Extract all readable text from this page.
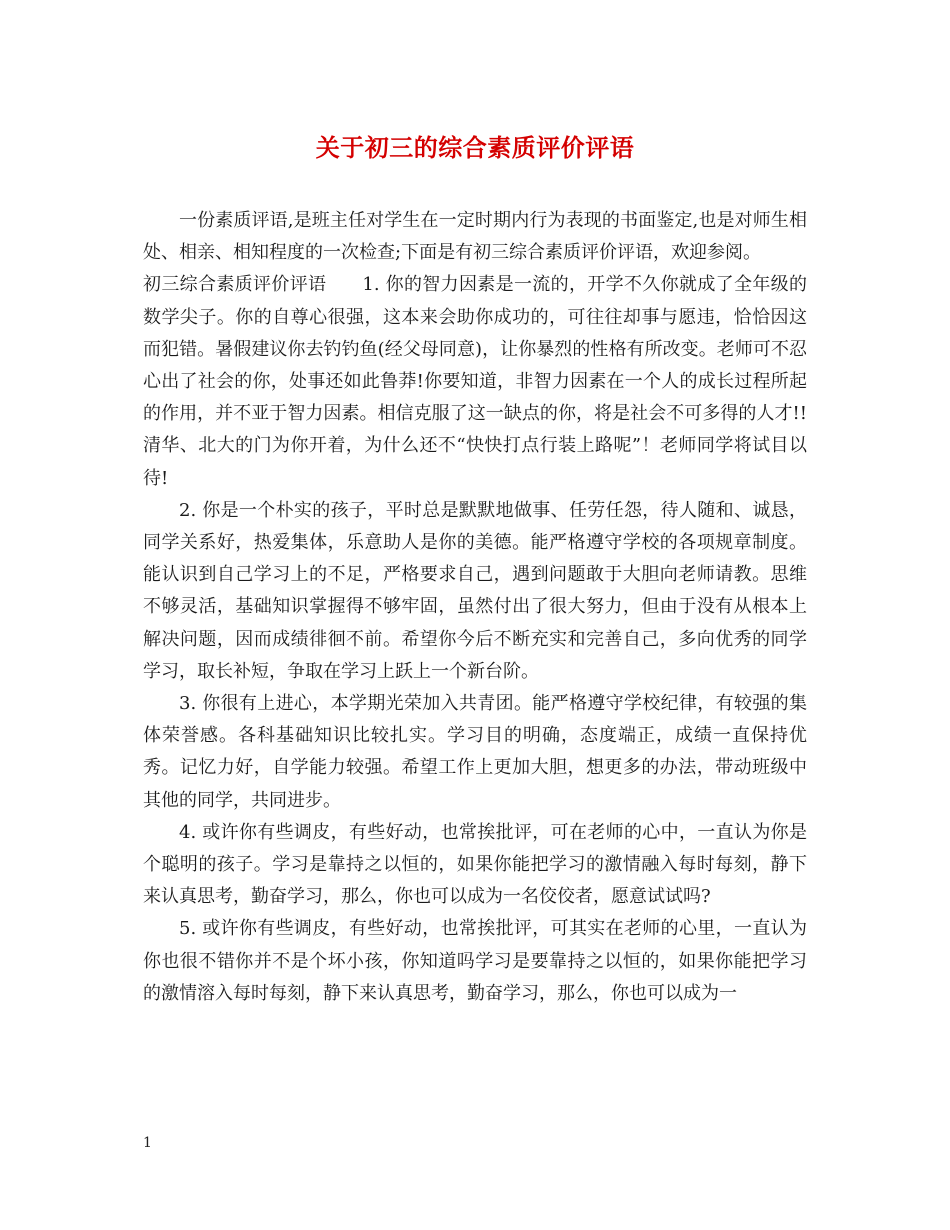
关于初三的综合素质评价评语

一份素质评语,是班主任对学生在一定时期内行为表现的书面鉴定,也是对师生相处、相亲、相知程度的一次检查;下面是有初三综合素质评价评语，欢迎参阅。

初三综合素质评价评语 1. 你的智力因素是一流的，开学不久你就成了全年级的数学尖子。你的自尊心很强，这本来会助你成功的，可往往却事与愿违，恰恰因这而犯错。暑假建议你去钓钓鱼(经父母同意)，让你暴烈的性格有所改变。老师可不忍心出了社会的你，处事还如此鲁莽!你要知道，非智力因素在一个人的成长过程所起的作用，并不亚于智力因素。相信克服了这一缺点的你，将是社会不可多得的人才!!清华、北大的门为你开着，为什么还不“快快打点行装上路呢”！老师同学将试目以待!

2. 你是一个朴实的孩子，平时总是默默地做事、任劳任怨，待人随和、诚恳，同学关系好，热爱集体，乐意助人是你的美德。能严格遵守学校的各项规章制度。能认识到自己学习上的不足，严格要求自己，遇到问题敢于大胆向老师请教。思维不够灵活，基础知识掌握得不够牢固，虽然付出了很大努力，但由于没有从根本上解决问题，因而成绩徘徊不前。希望你今后不断充实和完善自己，多向优秀的同学学习，取长补短，争取在学习上跃上一个新台阶。

3. 你很有上进心，本学期光荣加入共青团。能严格遵守学校纪律，有较强的集体荣誉感。各科基础知识比较扎实。学习目的明确，态度端正，成绩一直保持优秀。记忆力好，自学能力较强。希望工作上更加大胆，想更多的办法，带动班级中其他的同学，共同进步。

4. 或许你有些调皮，有些好动，也常挨批评，可在老师的心中，一直认为你是个聪明的孩子。学习是靠持之以恒的，如果你能把学习的激情融入每时每刻，静下来认真思考，勤奋学习，那么，你也可以成为一名佼佼者，愿意试试吗?

5. 或许你有些调皮，有些好动，也常挨批评，可其实在老师的心里，一直认为你也很不错你并不是个坏小孩，你知道吗学习是要靠持之以恒的，如果你能把学习的激情溶入每时每刻，静下来认真思考，勤奋学习，那么，你也可以成为一

1
